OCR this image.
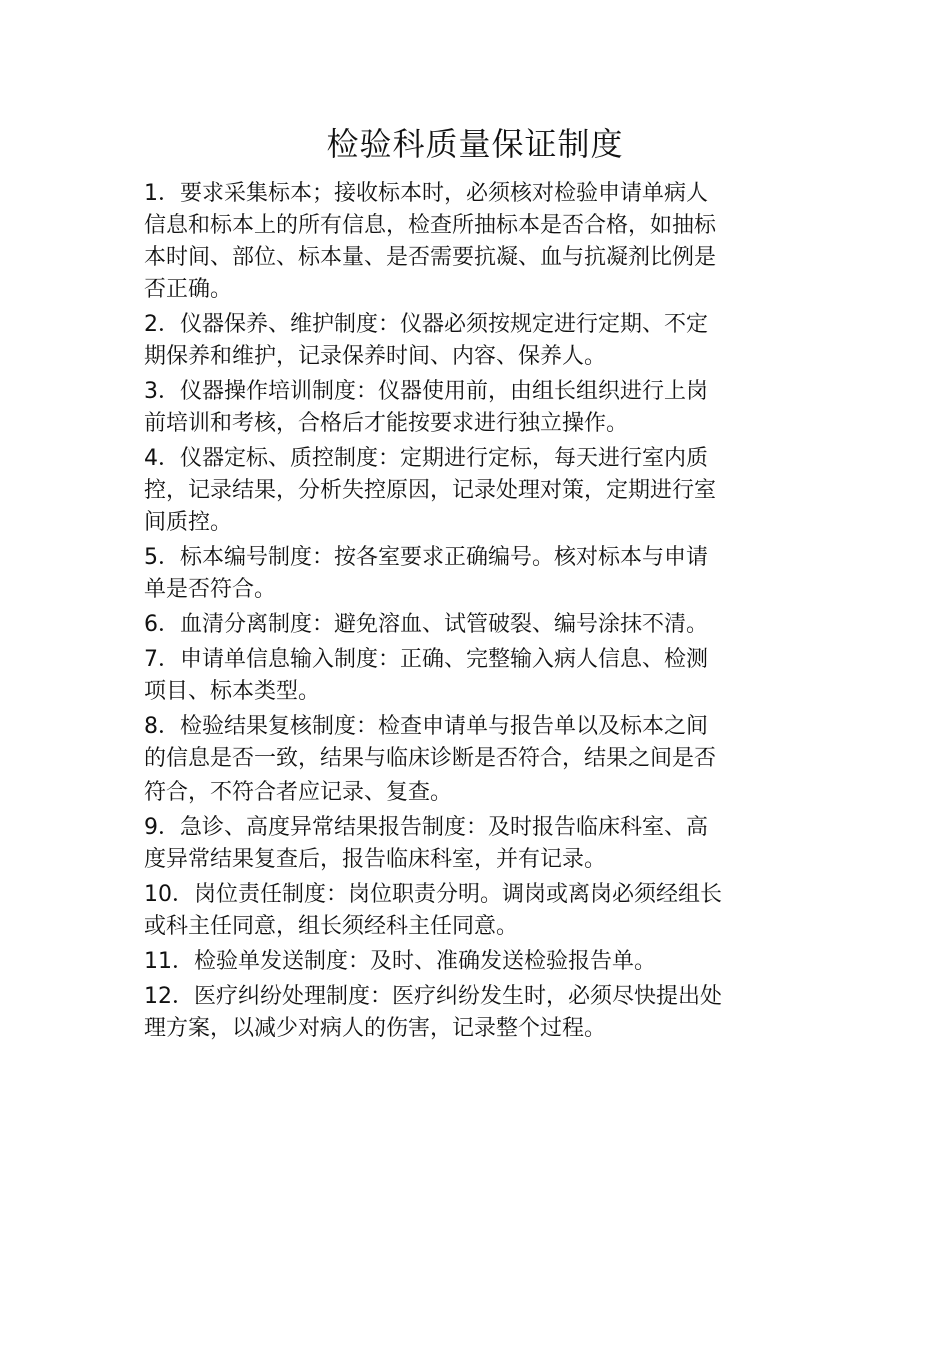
检验科质量保证制度

1．要求采集标本；接收标本时，必须核对检验申请单病人
信息和标本上的所有信息，检查所抽标本是否合格，如抽标
本时间、部位、标本量、是否需要抗凝、血与抗凝剂比例是
否正确。

2．仪器保养、维护制度：仪器必须按规定进行定期、不定
期保养和维护，记录保养时间、内容、保养人。

3．仪器操作培训制度：仪器使用前，由组长组织进行上岗
前培训和考核，合格后才能按要求进行独立操作。

4．仪器定标、质控制度：定期进行定标，每天进行室内质
控，记录结果，分析失控原因，记录处理对策，定期进行室
间质控。

5．标本编号制度：按各室要求正确编号。核对标本与申请
单是否符合。

6．血清分离制度：避免溶血、试管破裂、编号涂抹不清。

7．申请单信息输入制度：正确、完整输入病人信息、检测
项目、标本类型。

8．检验结果复核制度：检查申请单与报告单以及标本之间
的信息是否一致，结果与临床诊断是否符合，结果之间是否
符合，不符合者应记录、复查。

9．急诊、高度异常结果报告制度：及时报告临床科室、高
度异常结果复查后，报告临床科室，并有记录。

10．岗位责任制度：岗位职责分明。调岗或离岗必须经组长
或科主任同意，组长须经科主任同意。

11．检验单发送制度：及时、准确发送检验报告单。

12．医疗纠纷处理制度：医疗纠纷发生时，必须尽快提出处
理方案，以减少对病人的伤害，记录整个过程。
